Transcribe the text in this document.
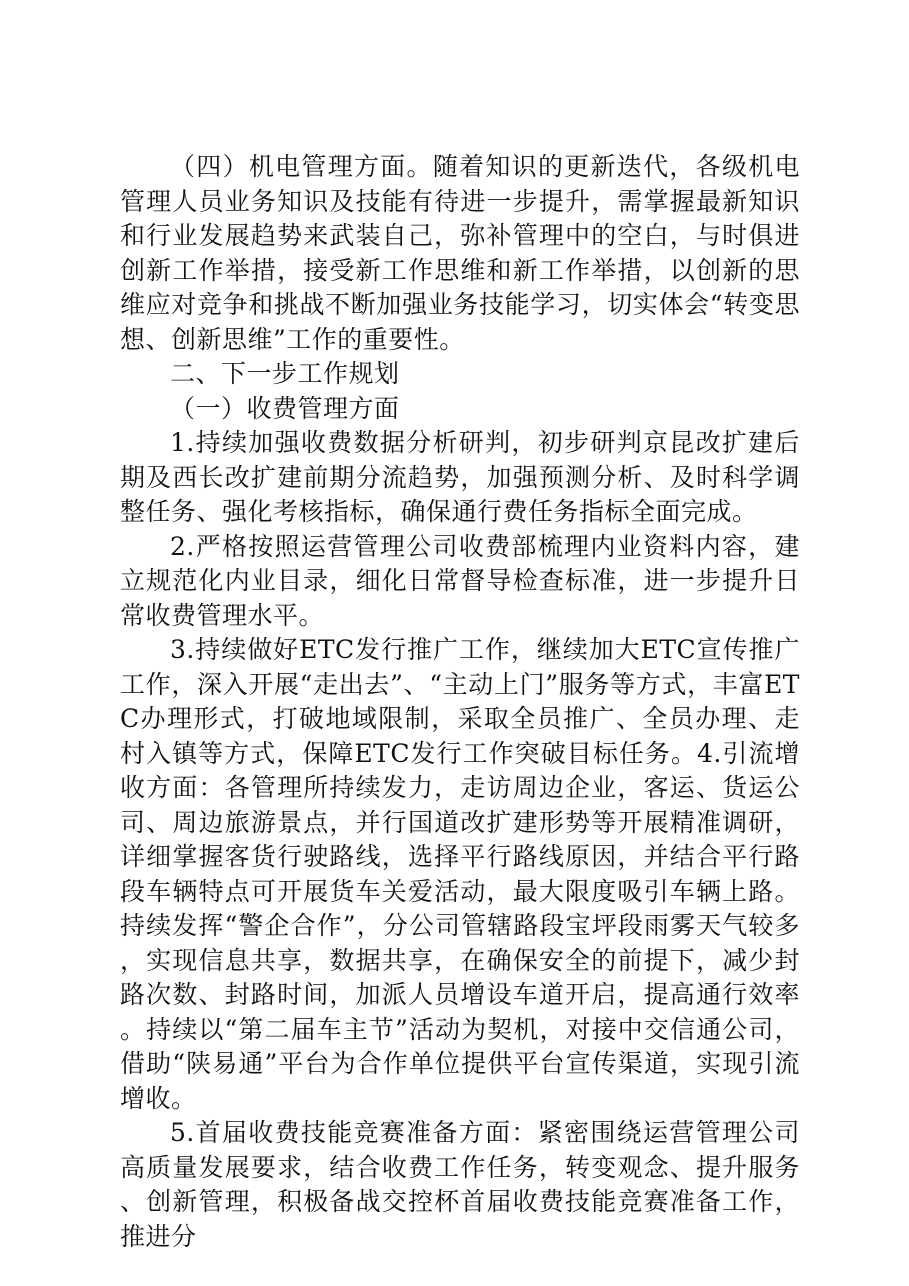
（四）机电管理方面。随着知识的更新迭代，各级机电管理人员业务知识及技能有待进一步提升，需掌握最新知识和行业发展趋势来武装自己，弥补管理中的空白，与时俱进创新工作举措，接受新工作思维和新工作举措，以创新的思维应对竞争和挑战不断加强业务技能学习，切实体会“转变思想、创新思维”工作的重要性。

二、下一步工作规划

（一）收费管理方面

1.持续加强收费数据分析研判，初步研判京昆改扩建后期及西长改扩建前期分流趋势，加强预测分析、及时科学调整任务、强化考核指标，确保通行费任务指标全面完成。

2.严格按照运营管理公司收费部梳理内业资料内容，建立规范化内业目录，细化日常督导检查标准，进一步提升日常收费管理水平。

3.持续做好ETC发行推广工作，继续加大ETC宣传推广工作，深入开展“走出去”、“主动上门”服务等方式，丰富ETC办理形式，打破地域限制，采取全员推广、全员办理、走村入镇等方式，保障ETC发行工作突破目标任务。4.引流增收方面：各管理所持续发力，走访周边企业，客运、货运公司、周边旅游景点，并行国道改扩建形势等开展精准调研，详细掌握客货行驶路线，选择平行路线原因，并结合平行路段车辆特点可开展货车关爱活动，最大限度吸引车辆上路。持续发挥“警企合作”，分公司管辖路段宝坪段雨雾天气较多，实现信息共享，数据共享，在确保安全的前提下，减少封路次数、封路时间，加派人员增设车道开启，提高通行效率。持续以“第二届车主节”活动为契机，对接中交信通公司，借助“陕易通”平台为合作单位提供平台宣传渠道，实现引流增收。

5.首届收费技能竞赛准备方面：紧密围绕运营管理公司高质量发展要求，结合收费工作任务，转变观念、提升服务、创新管理，积极备战交控杯首届收费技能竞赛准备工作，推进分
